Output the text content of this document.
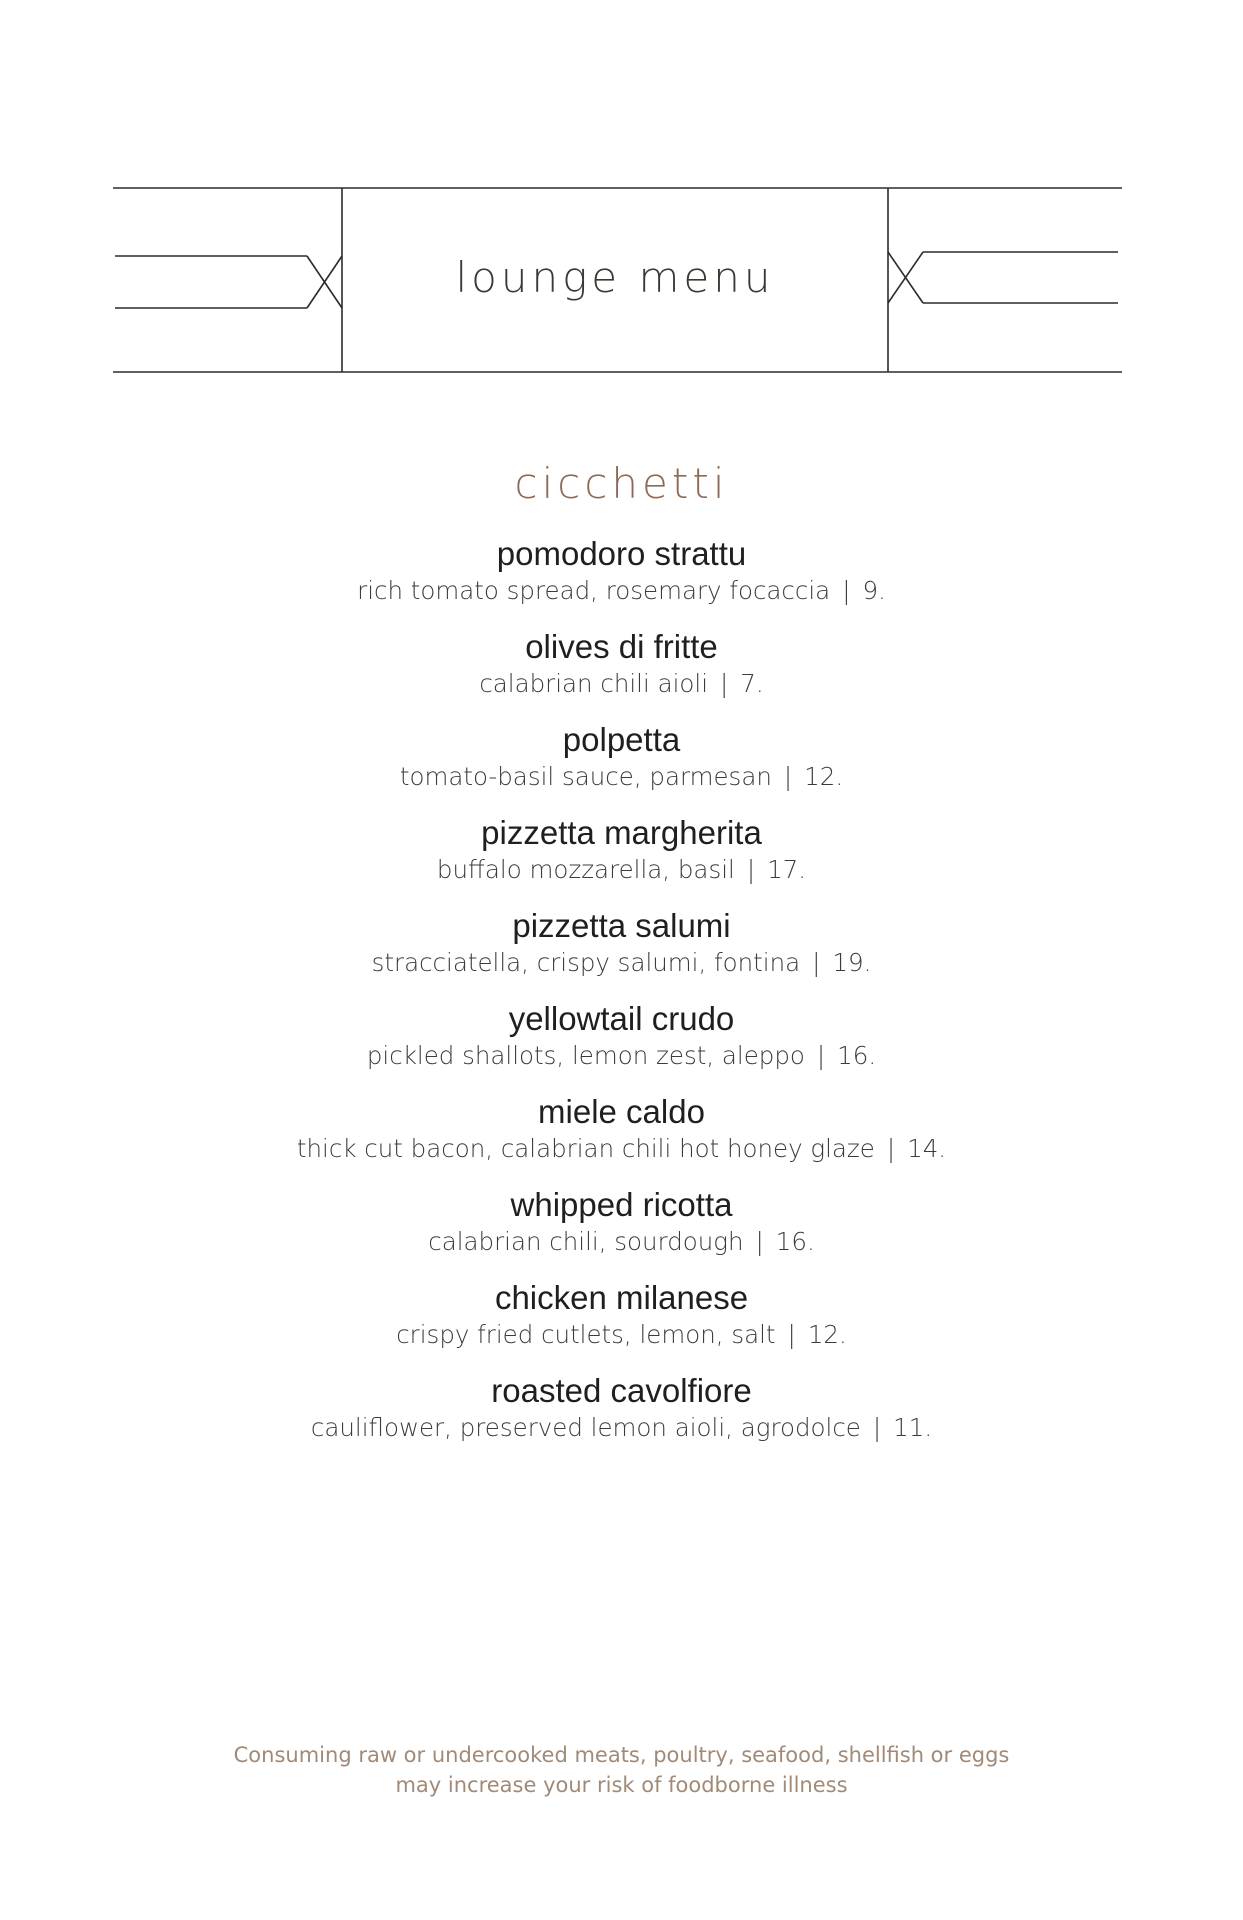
lounge menu
cicchetti
pomodoro strattu
rich tomato spread, rosemary focaccia | 9.
olives di fritte
calabrian chili aioli | 7.
polpetta
tomato-basil sauce, parmesan | 12.
pizzetta margherita
buffalo mozzarella, basil | 17.
pizzetta salumi
stracciatella, crispy salumi, fontina | 19.
yellowtail crudo
pickled shallots, lemon zest, aleppo | 16.
miele caldo
thick cut bacon, calabrian chili hot honey glaze | 14.
whipped ricotta
calabrian chili, sourdough | 16.
chicken milanese
crispy fried cutlets, lemon, salt | 12.
roasted cavolfiore
cauliflower, preserved lemon aioli, agrodolce | 11.
Consuming raw or undercooked meats, poultry, seafood, shellfish or eggs
may increase your risk of foodborne illness
